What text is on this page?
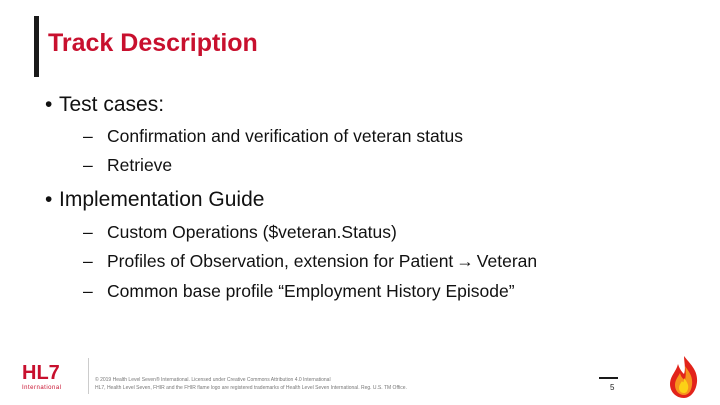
Track Description
• Test cases:
– Confirmation and verification of veteran status
– Retrieve
• Implementation Guide
– Custom Operations ($veteran.Status)
– Profiles of Observation, extension for Patient → Veteran
– Common base profile “Employment History Episode”
HL7
International
© 2019 Health Level Seven® International. Licensed under Creative Commons Attribution 4.0 International
HL7, Health Level Seven, FHIR and the FHIR flame logo are registered trademarks of Health Level Seven International. Reg. U.S. TM Office.	5
